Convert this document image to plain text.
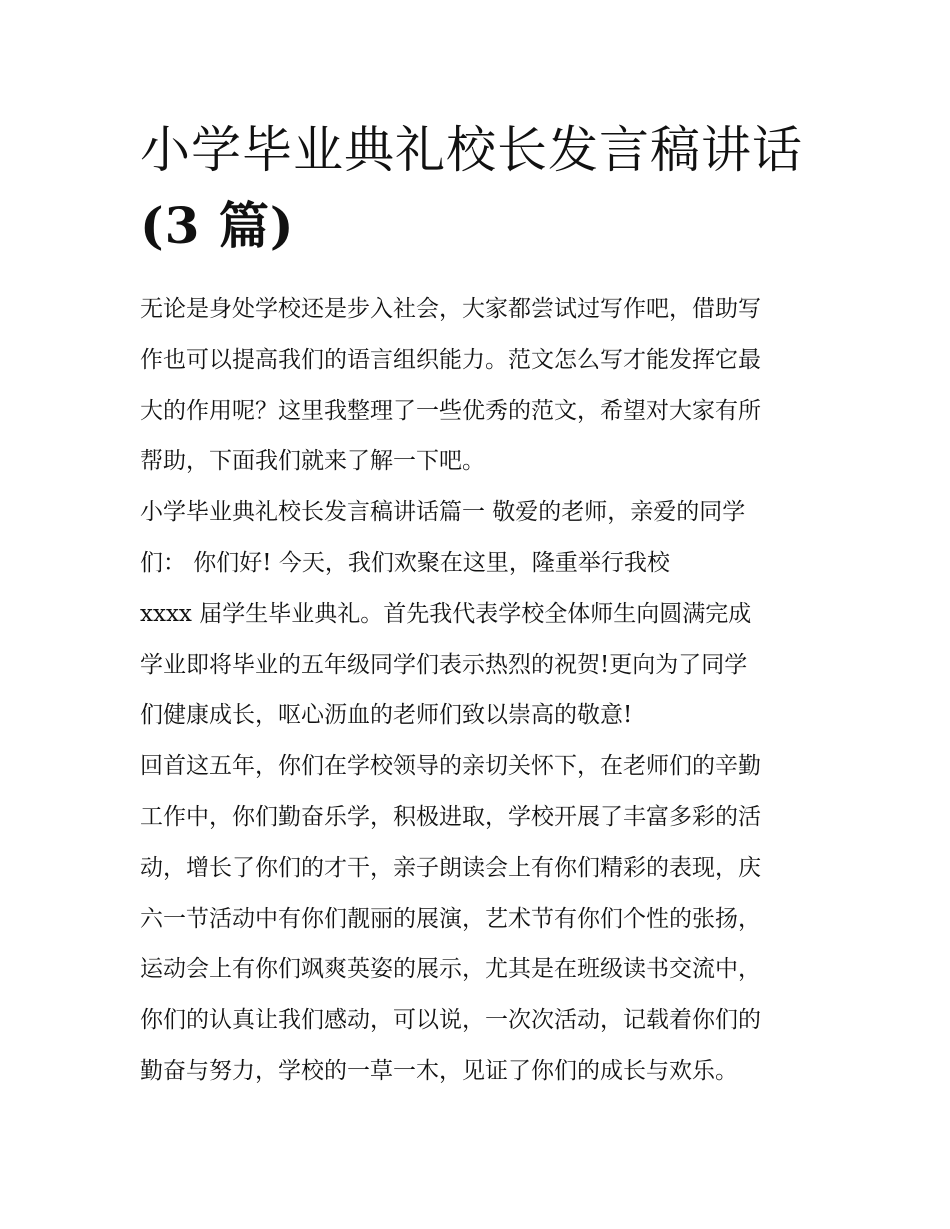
小学毕业典礼校长发言稿讲话
(3 篇)

无论是身处学校还是步入社会，大家都尝试过写作吧，借助写
作也可以提高我们的语言组织能力。范文怎么写才能发挥它最
大的作用呢？这里我整理了一些优秀的范文，希望对大家有所
帮助，下面我们就来了解一下吧。

小学毕业典礼校长发言稿讲话篇一 敬爱的老师，亲爱的同学
们： 你们好! 今天，我们欢聚在这里，隆重举行我校
xxxx 届学生毕业典礼。首先我代表学校全体师生向圆满完成
学业即将毕业的五年级同学们表示热烈的祝贺!更向为了同学
们健康成长，呕心沥血的老师们致以崇高的敬意!

回首这五年，你们在学校领导的亲切关怀下，在老师们的辛勤
工作中，你们勤奋乐学，积极进取，学校开展了丰富多彩的活
动，增长了你们的才干，亲子朗读会上有你们精彩的表现，庆
六一节活动中有你们靓丽的展演，艺术节有你们个性的张扬，
运动会上有你们飒爽英姿的展示，尤其是在班级读书交流中，
你们的认真让我们感动，可以说，一次次活动，记载着你们的
勤奋与努力，学校的一草一木，见证了你们的成长与欢乐。
